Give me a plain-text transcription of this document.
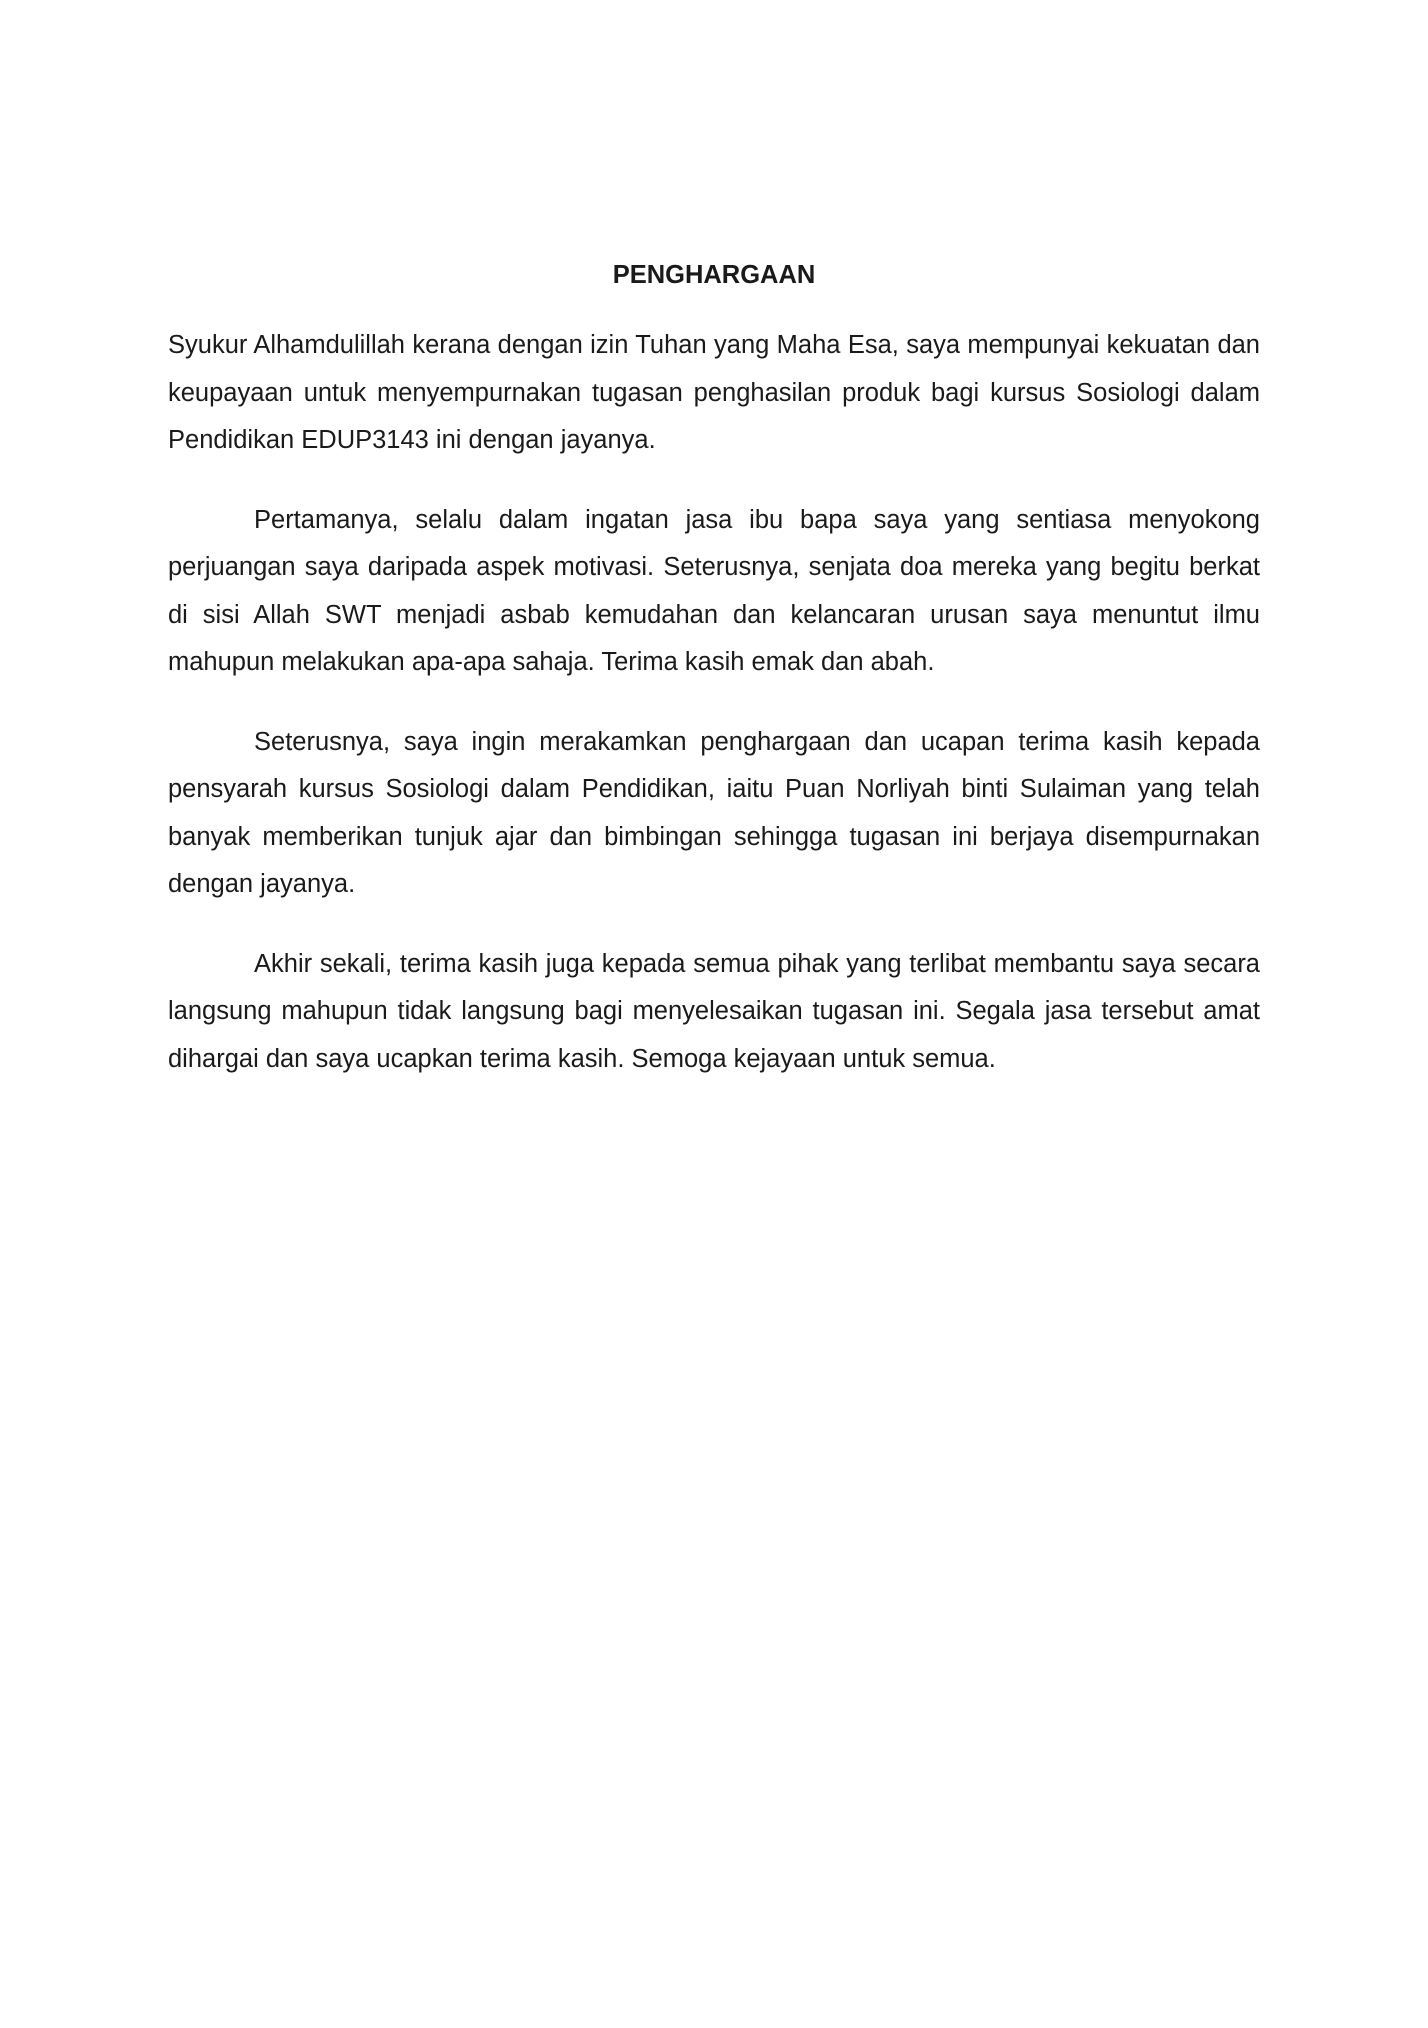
PENGHARGAAN

Syukur Alhamdulillah kerana dengan izin Tuhan yang Maha Esa, saya mempunyai kekuatan dan keupayaan untuk menyempurnakan tugasan penghasilan produk bagi kursus Sosiologi dalam Pendidikan EDUP3143 ini dengan jayanya.

Pertamanya, selalu dalam ingatan jasa ibu bapa saya yang sentiasa menyokong perjuangan saya daripada aspek motivasi. Seterusnya, senjata doa mereka yang begitu berkat di sisi Allah SWT menjadi asbab kemudahan dan kelancaran urusan saya menuntut ilmu mahupun melakukan apa-apa sahaja. Terima kasih emak dan abah.

Seterusnya, saya ingin merakamkan penghargaan dan ucapan terima kasih kepada pensyarah kursus Sosiologi dalam Pendidikan, iaitu Puan Norliyah binti Sulaiman yang telah banyak memberikan tunjuk ajar dan bimbingan sehingga tugasan ini berjaya disempurnakan dengan jayanya.

Akhir sekali, terima kasih juga kepada semua pihak yang terlibat membantu saya secara langsung mahupun tidak langsung bagi menyelesaikan tugasan ini. Segala jasa tersebut amat dihargai dan saya ucapkan terima kasih. Semoga kejayaan untuk semua.
